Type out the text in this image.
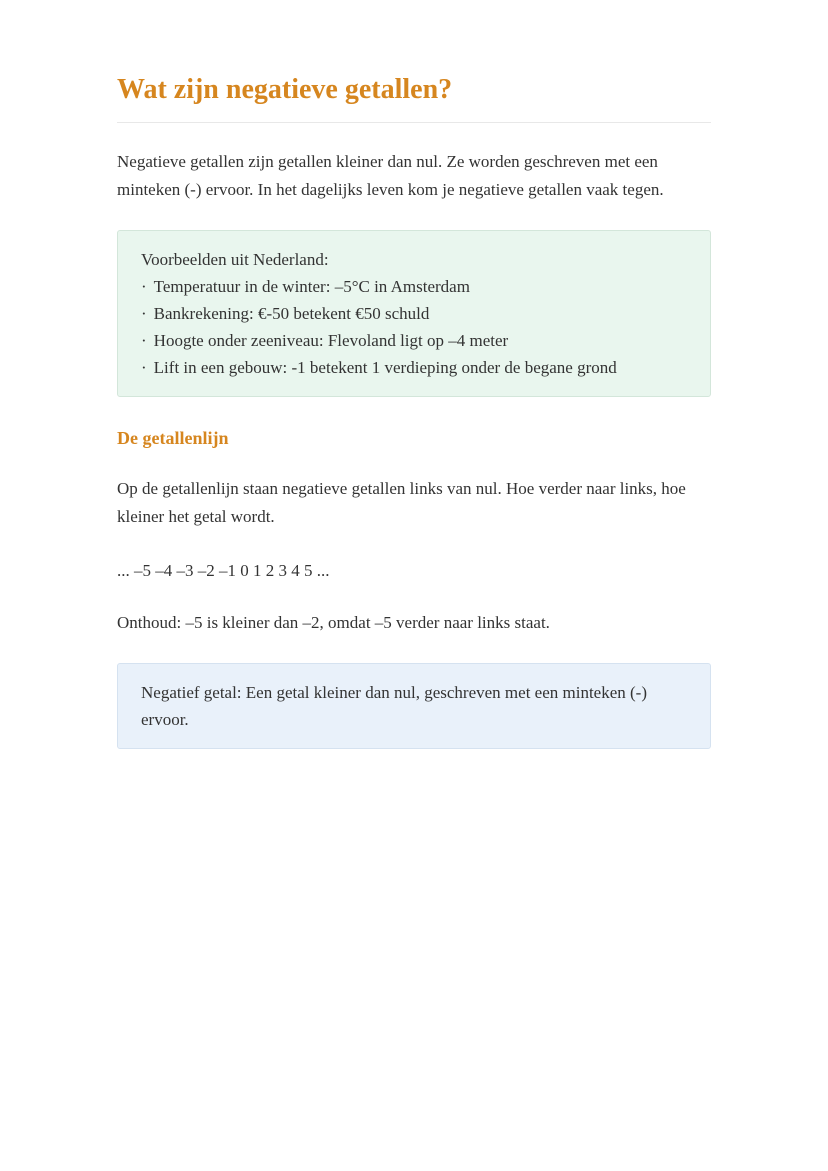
Wat zijn negatieve getallen?

Negatieve getallen zijn getallen kleiner dan nul. Ze worden geschreven met een minteken (-) ervoor. In het dagelijks leven kom je negatieve getallen vaak tegen.

Voorbeelden uit Nederland:
· Temperatuur in de winter: –5°C in Amsterdam
· Bankrekening: €-50 betekent €50 schuld
· Hoogte onder zeeniveau: Flevoland ligt op –4 meter
· Lift in een gebouw: -1 betekent 1 verdieping onder de begane grond
De getallenlijn

Op de getallenlijn staan negatieve getallen links van nul. Hoe verder naar links, hoe kleiner het getal wordt.

... –5 –4 –3 –2 –1 0 1 2 3 4 5 ...

Onthoud: –5 is kleiner dan –2, omdat –5 verder naar links staat.

Negatief getal: Een getal kleiner dan nul, geschreven met een minteken (-) ervoor.
